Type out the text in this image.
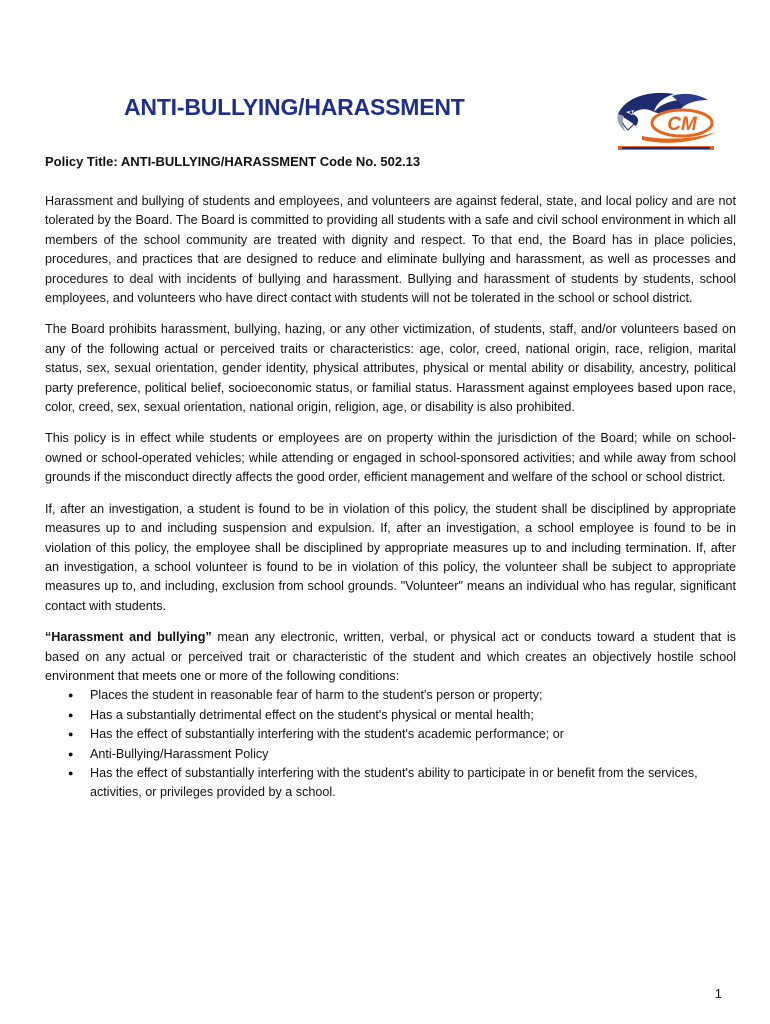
ANTI-BULLYING/HARASSMENT
CM

Policy Title: ANTI-BULLYING/HARASSMENT Code No. 502.13

Harassment and bullying of students and employees, and volunteers are against federal, state, and local policy and are not tolerated by the Board. The Board is committed to providing all students with a safe and civil school environment in which all members of the school community are treated with dignity and respect. To that end, the Board has in place policies, procedures, and practices that are designed to reduce and eliminate bullying and harassment, as well as processes and procedures to deal with incidents of bullying and harassment. Bullying and harassment of students by students, school employees, and volunteers who have direct contact with students will not be tolerated in the school or school district.

The Board prohibits harassment, bullying, hazing, or any other victimization, of students, staff, and/or volunteers based on any of the following actual or perceived traits or characteristics: age, color, creed, national origin, race, religion, marital status, sex, sexual orientation, gender identity, physical attributes, physical or mental ability or disability, ancestry, political party preference, political belief, socioeconomic status, or familial status. Harassment against employees based upon race, color, creed, sex, sexual orientation, national origin, religion, age, or disability is also prohibited.

This policy is in effect while students or employees are on property within the jurisdiction of the Board; while on school-owned or school-operated vehicles; while attending or engaged in school-sponsored activities; and while away from school grounds if the misconduct directly affects the good order, efficient management and welfare of the school or school district.

If, after an investigation, a student is found to be in violation of this policy, the student shall be disciplined by appropriate measures up to and including suspension and expulsion. If, after an investigation, a school employee is found to be in violation of this policy, the employee shall be disciplined by appropriate measures up to and including termination. If, after an investigation, a school volunteer is found to be in violation of this policy, the volunteer shall be subject to appropriate measures up to, and including, exclusion from school grounds. "Volunteer" means an individual who has regular, significant contact with students.

“Harassment and bullying” mean any electronic, written, verbal, or physical act or conducts toward a student that is based on any actual or perceived trait or characteristic of the student and which creates an objectively hostile school environment that meets one or more of the following conditions:

● Places the student in reasonable fear of harm to the student's person or property;
● Has a substantially detrimental effect on the student's physical or mental health;
● Has the effect of substantially interfering with the student's academic performance; or
● Anti-Bullying/Harassment Policy
● Has the effect of substantially interfering with the student's ability to participate in or benefit from the services, activities, or privileges provided by a school.
1
